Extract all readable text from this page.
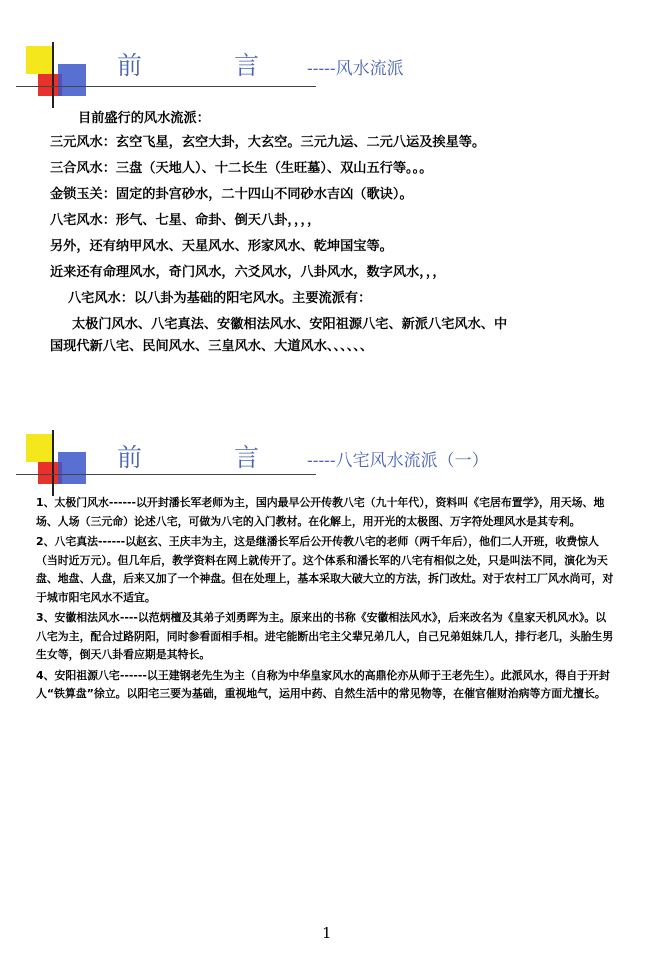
前 言 -----风水流派

目前盛行的风水流派：

三元风水：玄空飞星，玄空大卦，大玄空。三元九运、二元八运及挨星等。

三合风水：三盘（天地人）、十二长生（生旺墓）、双山五行等。。。

金锁玉关：固定的卦宫砂水，二十四山不同砂水吉凶（歌诀）。

八宅风水：形气、七星、命卦、倒天八卦，，，，

另外，还有纳甲风水、天星风水、形家风水、乾坤国宝等。

近来还有命理风水，奇门风水，六爻风水，八卦风水，数字风水，，，

八宅风水：以八卦为基础的阳宅风水。主要流派有：

太极门风水、八宅真法、安徽相法风水、安阳祖源八宅、新派八宅风水、中

国现代新八宅、民间风水、三皇风水、大道风水、、、、、、

前 言 -----八宅风水流派（一）

1、太极门风水------以开封潘长军老师为主，国内最早公开传教八宅（九十年代），资料叫《宅居布置学》，用天场、地场、人场（三元命）论述八宅，可做为八宅的入门教材。在化解上，用开光的太极图、万字符处理风水是其专利。

2、八宅真法------以赵玄、王庆丰为主，这是继潘长军后公开传教八宅的老师（两千年后），他们二人开班，收费惊人（当时近万元）。但几年后，教学资料在网上就传开了。这个体系和潘长军的八宅有相似之处，只是叫法不同，演化为天盘、地盘、人盘，后来又加了一个神盘。但在处理上，基本采取大破大立的方法，拆门改灶。对于农村工厂风水尚可，对于城市阳宅风水不适宜。

3、安徽相法风水----以范炳檀及其弟子刘勇晖为主。原来出的书称《安徽相法风水》，后来改名为《皇家天机风水》。以八宅为主，配合过路阴阳，同时参看面相手相。进宅能断出宅主父辈兄弟几人，自己兄弟姐妹几人，排行老几，头胎生男生女等，倒天八卦看应期是其特长。

4、安阳祖源八宅------以王建钢老先生为主（自称为中华皇家风水的高鼎伦亦从师于王老先生）。此派风水，得自于开封人“铁算盘”徐立。以阳宅三要为基础，重视地气，运用中药、自然生活中的常见物等，在催官催财治病等方面尤擅长。

1
